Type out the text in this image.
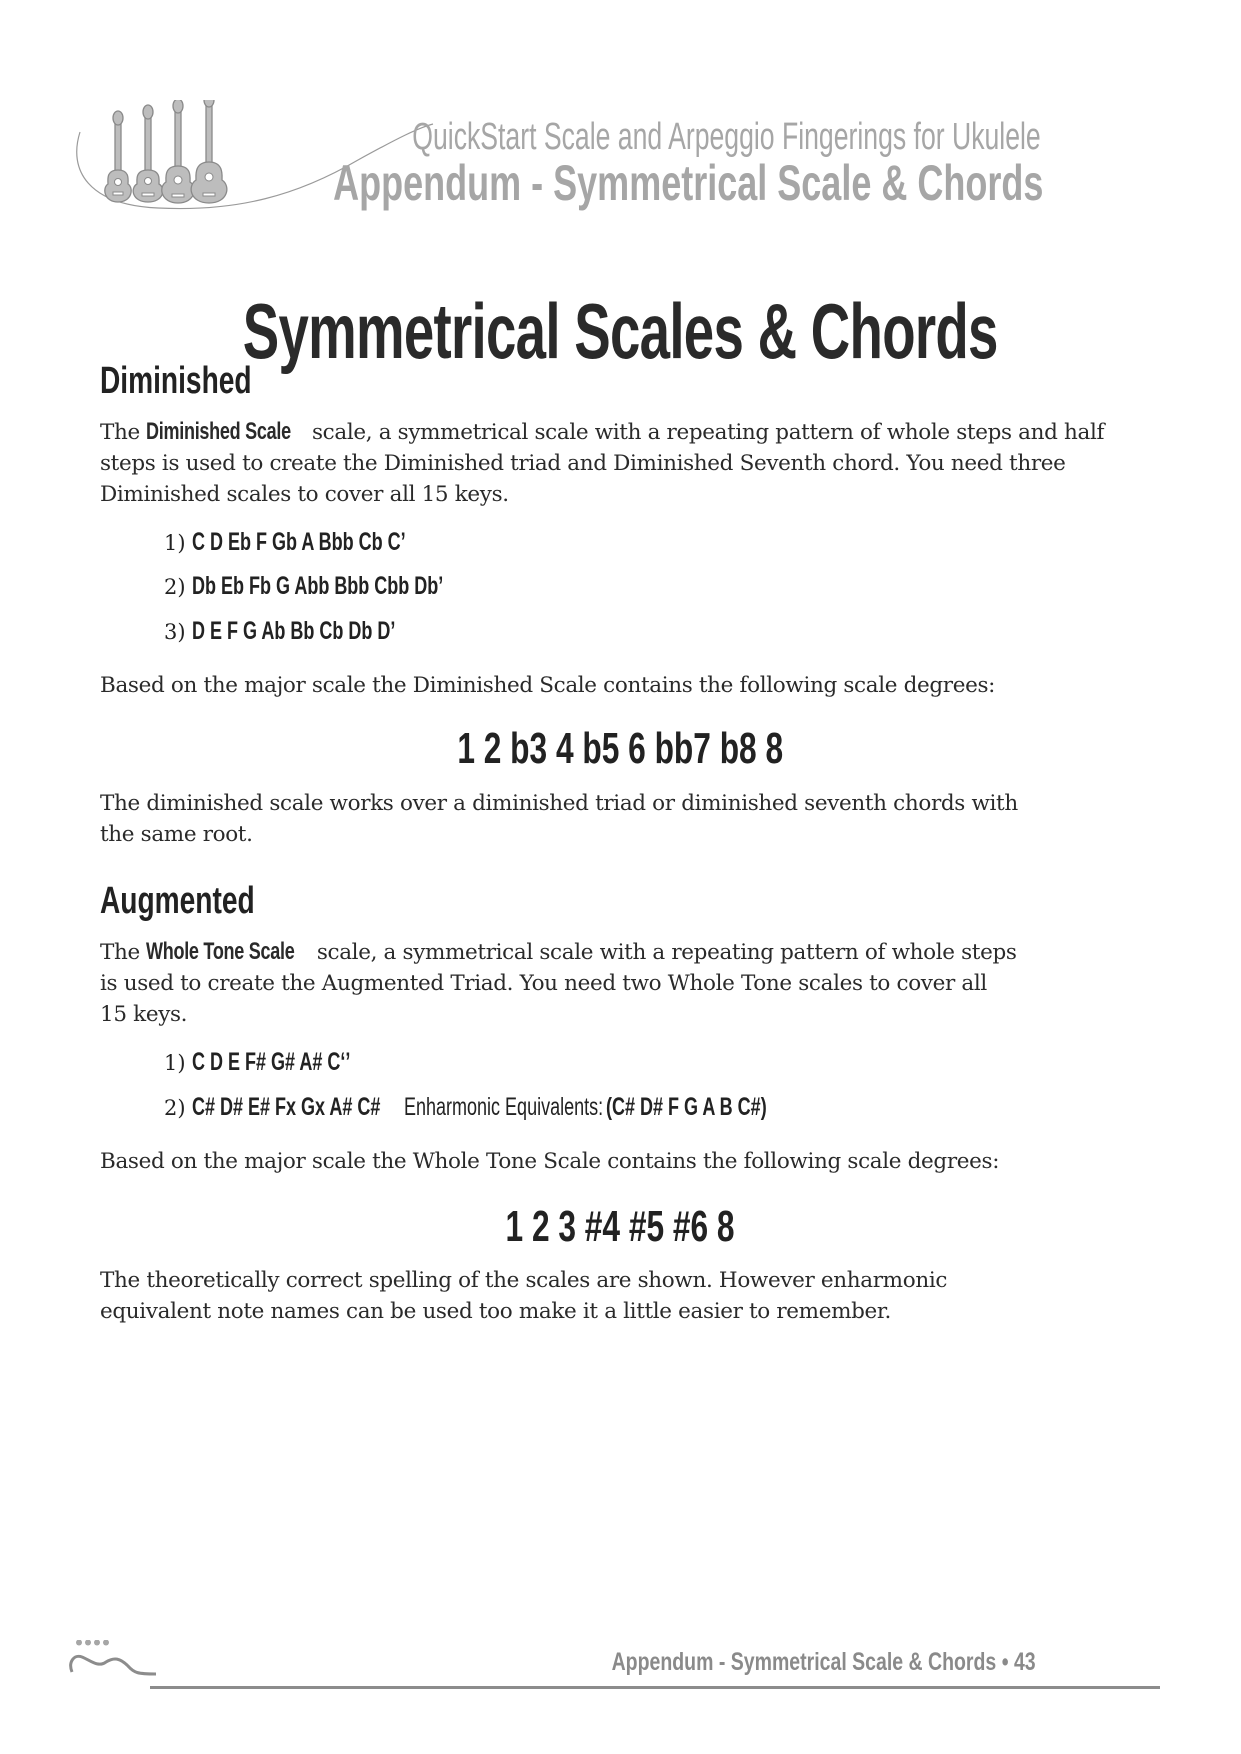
QuickStart Scale and Arpeggio Fingerings for Ukulele
Appendum - Symmetrical Scale & Chords
Symmetrical Scales & Chords
Diminished
The Diminished Scale scale, a symmetrical scale with a repeating pattern of whole steps and half steps is used to create the Diminished triad and Diminished Seventh chord. You need three Diminished scales to cover all 15 keys.
1) C D Eb F Gb A Bbb Cb C’
2) Db Eb Fb G Abb Bbb Cbb Db’
3) D E F G Ab Bb Cb Db D’
Based on the major scale the Diminished Scale contains the following scale degrees:
1 2 b3 4 b5 6 bb7 b8 8
The diminished scale works over a diminished triad or diminished seventh chords with the same root.
Augmented
The Whole Tone Scale scale, a symmetrical scale with a repeating pattern of whole steps is used to create the Augmented Triad. You need two Whole Tone scales to cover all 15 keys.
1) C D E F# G# A# C‘’
2) C# D# E# Fx Gx A# C# Enharmonic Equivalents: (C# D# F G A B C#)
Based on the major scale the Whole Tone Scale contains the following scale degrees:
1 2 3 #4 #5 #6 8
The theoretically correct spelling of the scales are shown. However enharmonic equivalent note names can be used too make it a little easier to remember.
Appendum - Symmetrical Scale & Chords • 43
